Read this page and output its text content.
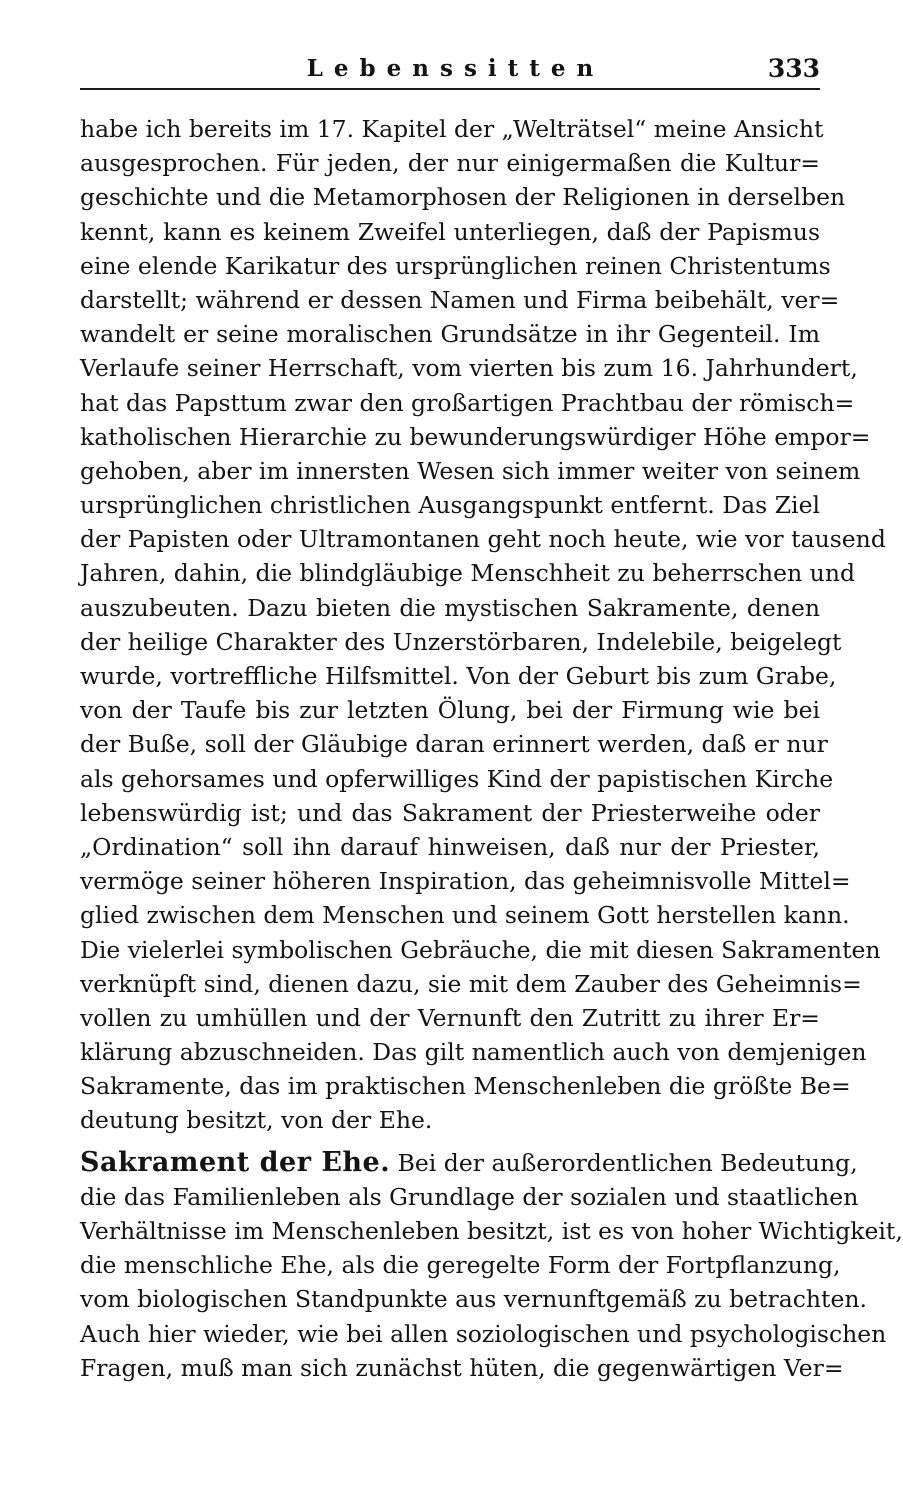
Lebenssitten	333
habe ich bereits im 17. Kapitel der „Welträtsel“ meine Ansicht
ausgesprochen. Für jeden, der nur einigermaßen die Kultur=
geschichte und die Metamorphosen der Religionen in derselben
kennt, kann es keinem Zweifel unterliegen, daß der Papismus
eine elende Karikatur des ursprünglichen reinen Christentums
darstellt; während er dessen Namen und Firma beibehält, ver=
wandelt er seine moralischen Grundsätze in ihr Gegenteil. Im
Verlaufe seiner Herrschaft, vom vierten bis zum 16. Jahrhundert,
hat das Papsttum zwar den großartigen Prachtbau der römisch=
katholischen Hierarchie zu bewunderungswürdiger Höhe empor=
gehoben, aber im innersten Wesen sich immer weiter von seinem
ursprünglichen christlichen Ausgangspunkt entfernt. Das Ziel
der Papisten oder Ultramontanen geht noch heute, wie vor tausend
Jahren, dahin, die blindgläubige Menschheit zu beherrschen und
auszubeuten. Dazu bieten die mystischen Sakramente, denen
der heilige Charakter des Unzerstörbaren, Indelebile, beigelegt
wurde, vortreffliche Hilfsmittel. Von der Geburt bis zum Grabe,
von der Taufe bis zur letzten Ölung, bei der Firmung wie bei
der Buße, soll der Gläubige daran erinnert werden, daß er nur
als gehorsames und opferwilliges Kind der papistischen Kirche
lebenswürdig ist; und das Sakrament der Priesterweihe oder
„Ordination“ soll ihn darauf hinweisen, daß nur der Priester,
vermöge seiner höheren Inspiration, das geheimnisvolle Mittel=
glied zwischen dem Menschen und seinem Gott herstellen kann.
Die vielerlei symbolischen Gebräuche, die mit diesen Sakramenten
verknüpft sind, dienen dazu, sie mit dem Zauber des Geheimnis=
vollen zu umhüllen und der Vernunft den Zutritt zu ihrer Er=
klärung abzuschneiden. Das gilt namentlich auch von demjenigen
Sakramente, das im praktischen Menschenleben die größte Be=
deutung besitzt, von der Ehe.
Sakrament der Ehe. Bei der außerordentlichen Bedeutung,
die das Familienleben als Grundlage der sozialen und staatlichen
Verhältnisse im Menschenleben besitzt, ist es von hoher Wichtigkeit,
die menschliche Ehe, als die geregelte Form der Fortpflanzung,
vom biologischen Standpunkte aus vernunftgemäß zu betrachten.
Auch hier wieder, wie bei allen soziologischen und psychologischen
Fragen, muß man sich zunächst hüten, die gegenwärtigen Ver=
